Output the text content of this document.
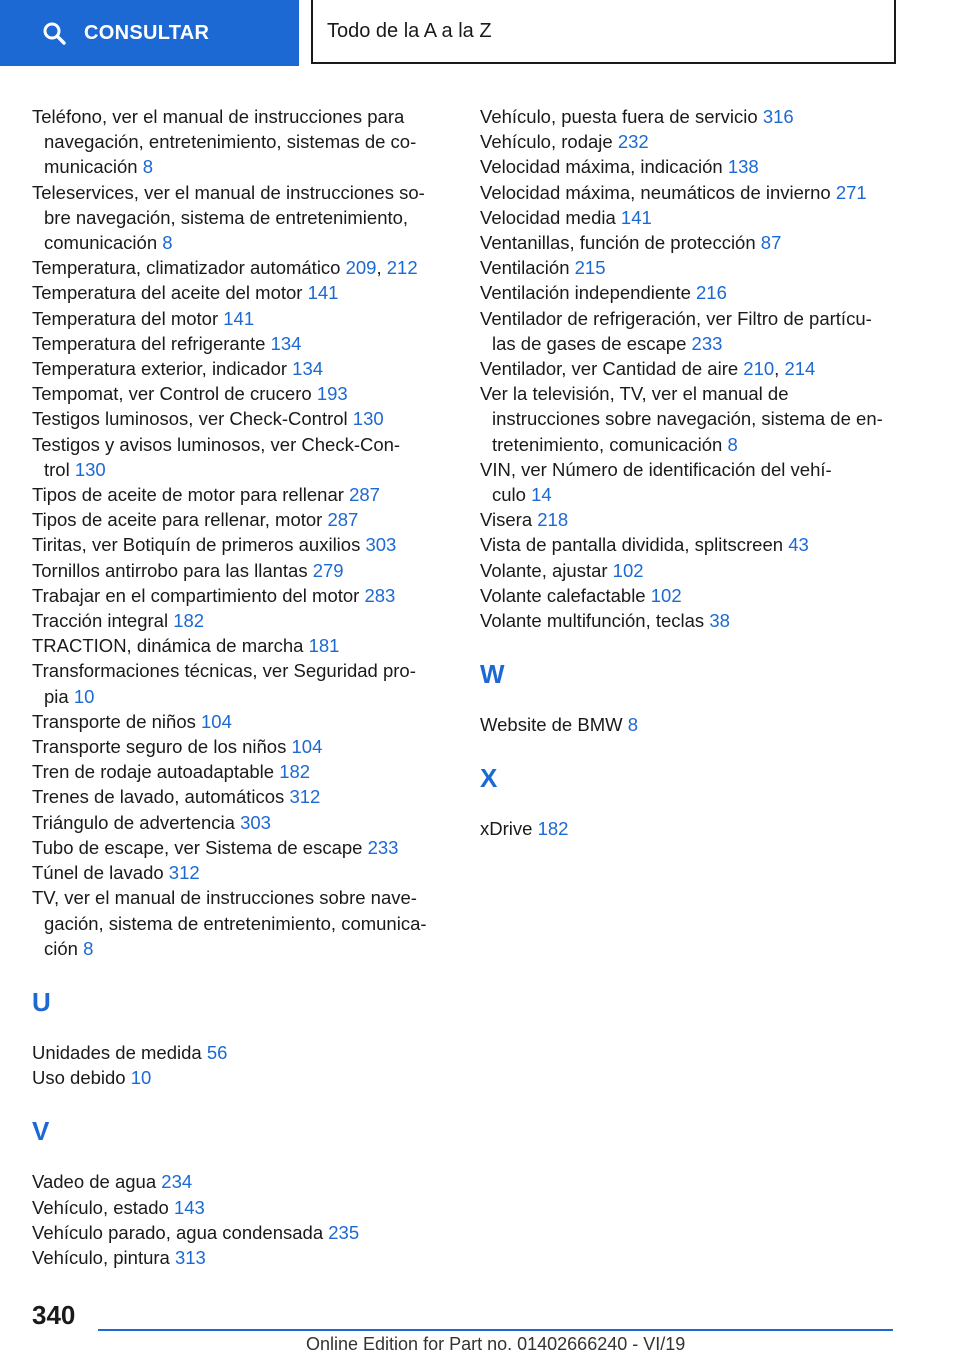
CONSULTAR	Todo de la A a la Z
Teléfono, ver el manual de instrucciones para
navegación, entretenimiento, sistemas de co-
municación 8
Teleservices, ver el manual de instrucciones so-
bre navegación, sistema de entretenimiento,
comunicación 8
Temperatura, climatizador automático 209, 212
Temperatura del aceite del motor 141
Temperatura del motor 141
Temperatura del refrigerante 134
Temperatura exterior, indicador 134
Tempomat, ver Control de crucero 193
Testigos luminosos, ver Check-Control 130
Testigos y avisos luminosos, ver Check-Con-
trol 130
Tipos de aceite de motor para rellenar 287
Tipos de aceite para rellenar, motor 287
Tiritas, ver Botiquín de primeros auxilios 303
Tornillos antirrobo para las llantas 279
Trabajar en el compartimiento del motor 283
Tracción integral 182
TRACTION, dinámica de marcha 181
Transformaciones técnicas, ver Seguridad pro-
pia 10
Transporte de niños 104
Transporte seguro de los niños 104
Tren de rodaje autoadaptable 182
Trenes de lavado, automáticos 312
Triángulo de advertencia 303
Tubo de escape, ver Sistema de escape 233
Túnel de lavado 312
TV, ver el manual de instrucciones sobre nave-
gación, sistema de entretenimiento, comunica-
ción 8
U
Unidades de medida 56
Uso debido 10
V
Vadeo de agua 234
Vehículo, estado 143
Vehículo parado, agua condensada 235
Vehículo, pintura 313
Vehículo, puesta fuera de servicio 316
Vehículo, rodaje 232
Velocidad máxima, indicación 138
Velocidad máxima, neumáticos de invierno 271
Velocidad media 141
Ventanillas, función de protección 87
Ventilación 215
Ventilación independiente 216
Ventilador de refrigeración, ver Filtro de partícu-
las de gases de escape 233
Ventilador, ver Cantidad de aire 210, 214
Ver la televisión, TV, ver el manual de
instrucciones sobre navegación, sistema de en-
tretenimiento, comunicación 8
VIN, ver Número de identificación del vehí-
culo 14
Visera 218
Vista de pantalla dividida, splitscreen 43
Volante, ajustar 102
Volante calefactable 102
Volante multifunción, teclas 38
W
Website de BMW 8
X
xDrive 182
340
Online Edition for Part no. 01402666240 - VI/19
